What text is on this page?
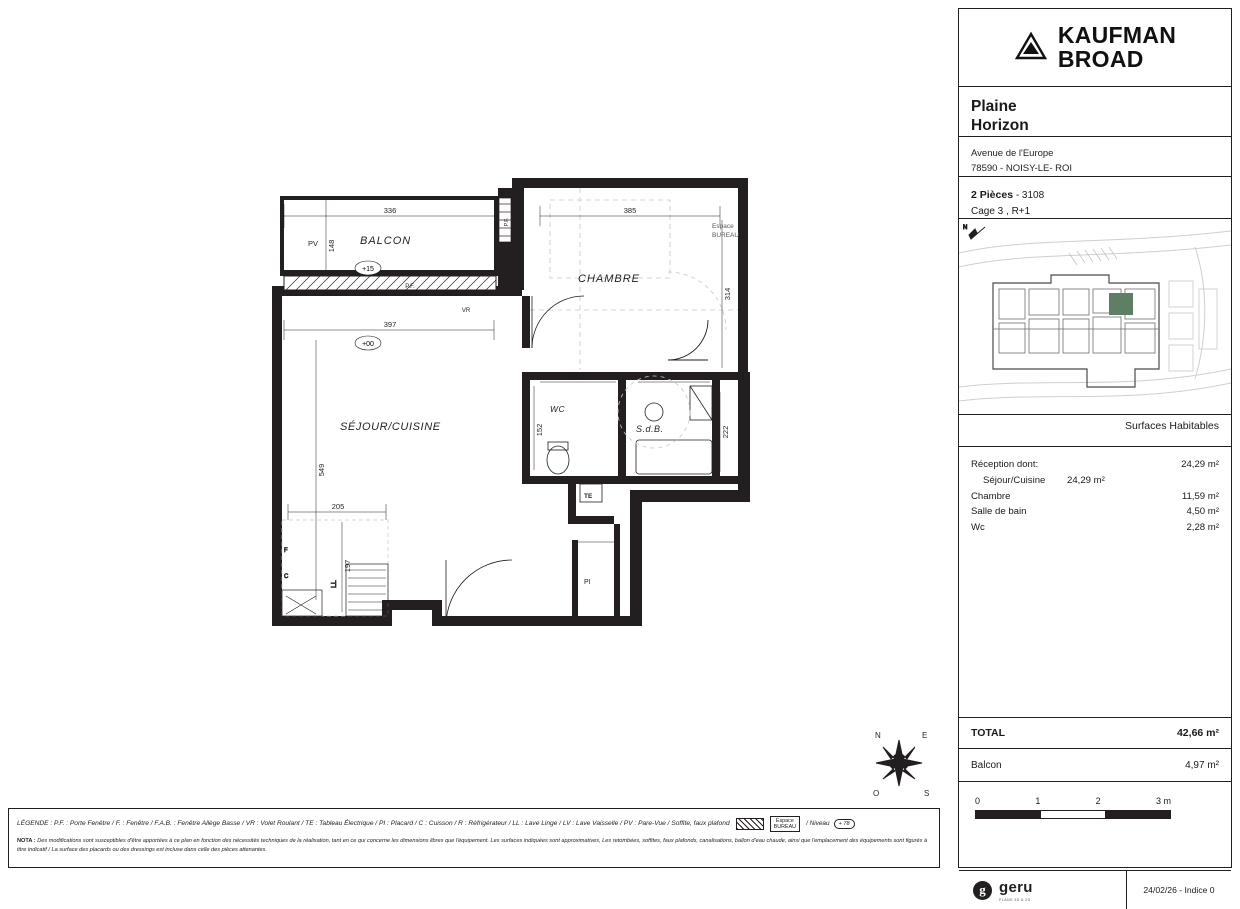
LL
F
C
BALCON
CHAMBRE
SÉJOUR/CUISINE
WC
S.d.B.
Espace
BUREAU
TE
PI
PV
+15
+00
336
148
385
314
397
549
150
152
217
222
205
197
P.F.
VR
P.F.
N	E
S
O
LÉGENDE : P.F. : Porte Fenêtre / F. : Fenêtre / F.A.B. : Fenêtre Allège Basse / VR : Volet Roulant / TE : Tableau Électrique / PI : Placard / C : Cuisson / R : Réfrigérateur / LL : Lave Linge / LV : Lave Vaisselle / PV : Pare-Vue / Soffite, faux plafond	Espace
BUREAU / Niveau	+ 78
NOTA : Des modifications sont susceptibles d'être apportées à ce plan en fonction des nécessités techniques de la réalisation, tant en ce qui concerne les dimensions libres que l'équipement. Les surfaces indiquées sont approximatives, Les retombées, soffites, faux plafonds, canalisations, ballon d'eau chaude, ainsi que l'emplacement des équipements sont figurés à titre indicatif / La surface des placards ou des dressings est incluse dans celle des pièces attenantes.
KAUFMAN
BROAD
Plaine
Horizon
Avenue de l'Europe
78590 - NOISY-LE- ROI
2 Pièces - 3108
Cage 3 , R+1
N
Surfaces Habitables
Réception dont:	24,29 m²
Séjour/Cuisine 24,29 m²
Chambre	11,59 m²
Salle de bain	4,50 m²
Wc	2,28 m²
TOTAL	42,66 m²
Balcon	4,97 m²
0	1	2	3 m
g geru
PLANS 3D & 2D
24/02/26 - Indice 0
